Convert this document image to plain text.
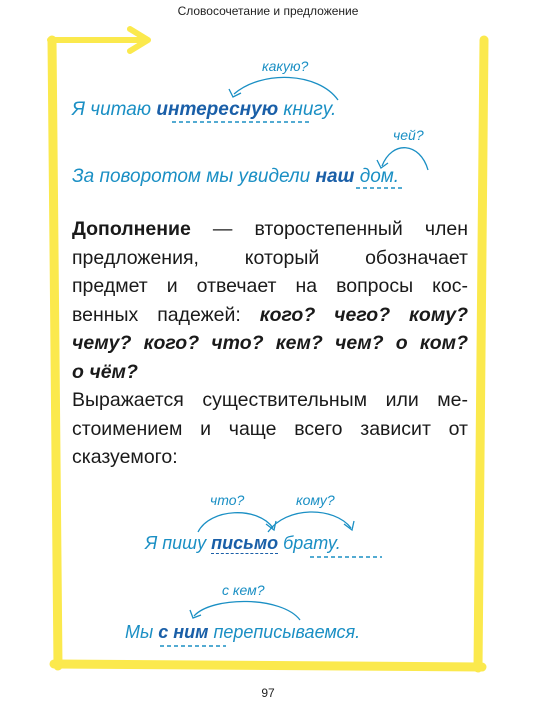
Словосочетание и предложение
какую?
Я читаю интересную книгу.
чей?
За поворотом мы увидели наш дом.
Дополнение — второстепенный член
предложения, который обозначает
предмет и отвечает на вопросы кос-
венных падежей: кого? чего? кому?
чему? кого? что? кем? чем? о ком?
о чём?
Выражается существительным или ме-
стоимением и чаще всего зависит от
сказуемого:
что?	кому?
Я пишу письмо брату.
с кем?
Мы с ним переписываемся.
97
